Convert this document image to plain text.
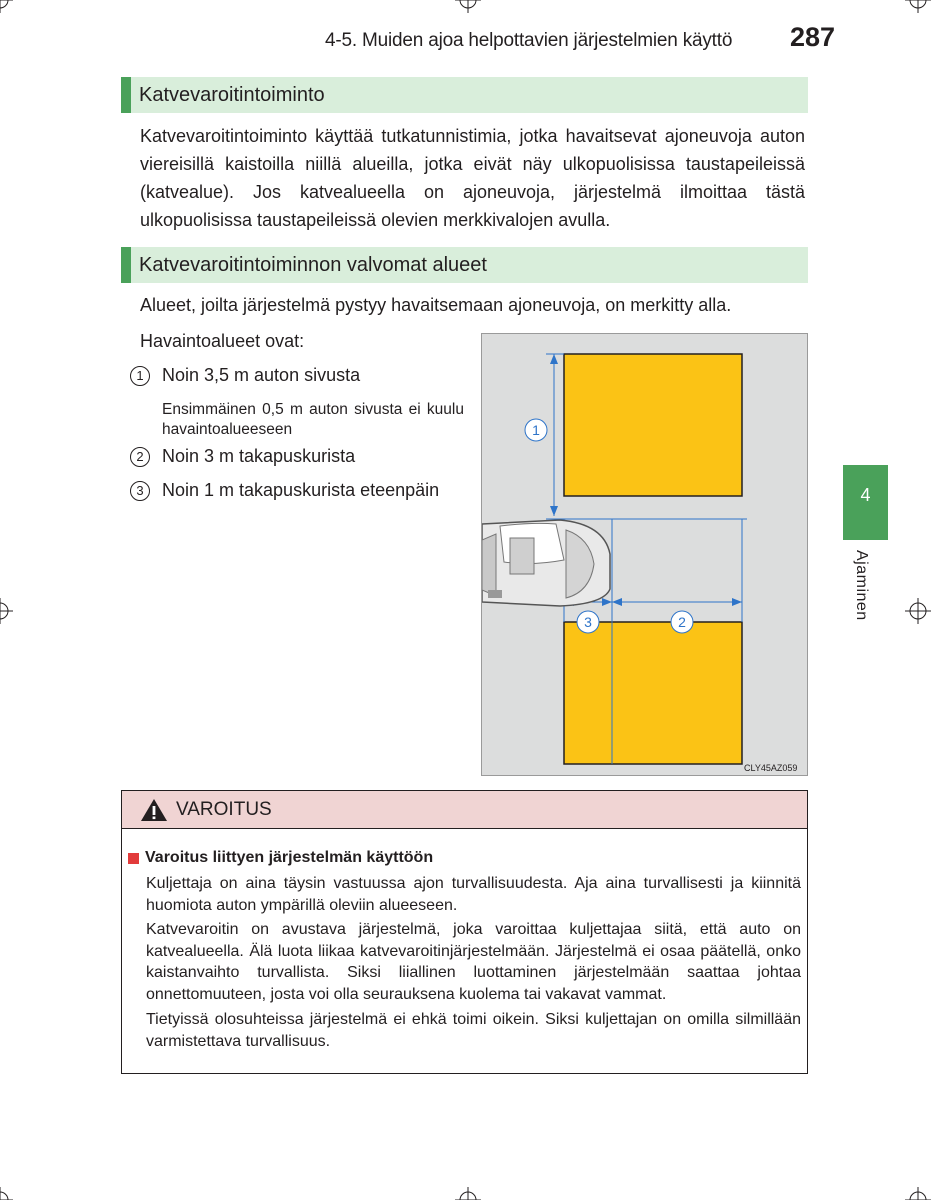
4-5. Muiden ajoa helpottavien järjestelmien käyttö 287
Katvevaroitintoiminto
Katvevaroitintoiminto käyttää tutkatunnistimia, jotka havaitsevat ajoneuvoja auton viereisillä kaistoilla niillä alueilla, jotka eivät näy ulkopuolisissa taustapeileissä (katvealue). Jos katvealueella on ajoneuvoja, järjestelmä ilmoittaa tästä ulkopuolisissa taustapeileissä olevien merkkivalojen avulla.
Katvevaroitintoiminnon valvomat alueet
Alueet, joilta järjestelmä pystyy havaitsemaan ajoneuvoja, on merkitty alla.
Havaintoalueet ovat:
1	Noin 3,5 m auton sivusta
Ensimmäinen 0,5 m auton sivusta ei kuulu havaintoalueeseen
2	Noin 3 m takapuskurista
3	Noin 1 m takapuskurista eteenpäin
1
2
3
CLY45AZ059
4
Ajaminen
VAROITUS
Varoitus liittyen järjestelmän käyttöön
Kuljettaja on aina täysin vastuussa ajon turvallisuudesta. Aja aina turvallisesti ja kiinnitä huomiota auton ympärillä oleviin alueeseen.
Katvevaroitin on avustava järjestelmä, joka varoittaa kuljettajaa siitä, että auto on katvealueella. Älä luota liikaa katvevaroitinjärjestelmään. Järjestelmä ei osaa päätellä, onko kaistanvaihto turvallista. Siksi liiallinen luottaminen järjestelmään saattaa johtaa onnettomuuteen, josta voi olla seurauksena kuolema tai vakavat vammat.
Tietyissä olosuhteissa järjestelmä ei ehkä toimi oikein. Siksi kuljettajan on omilla silmillään varmistettava turvallisuus.
